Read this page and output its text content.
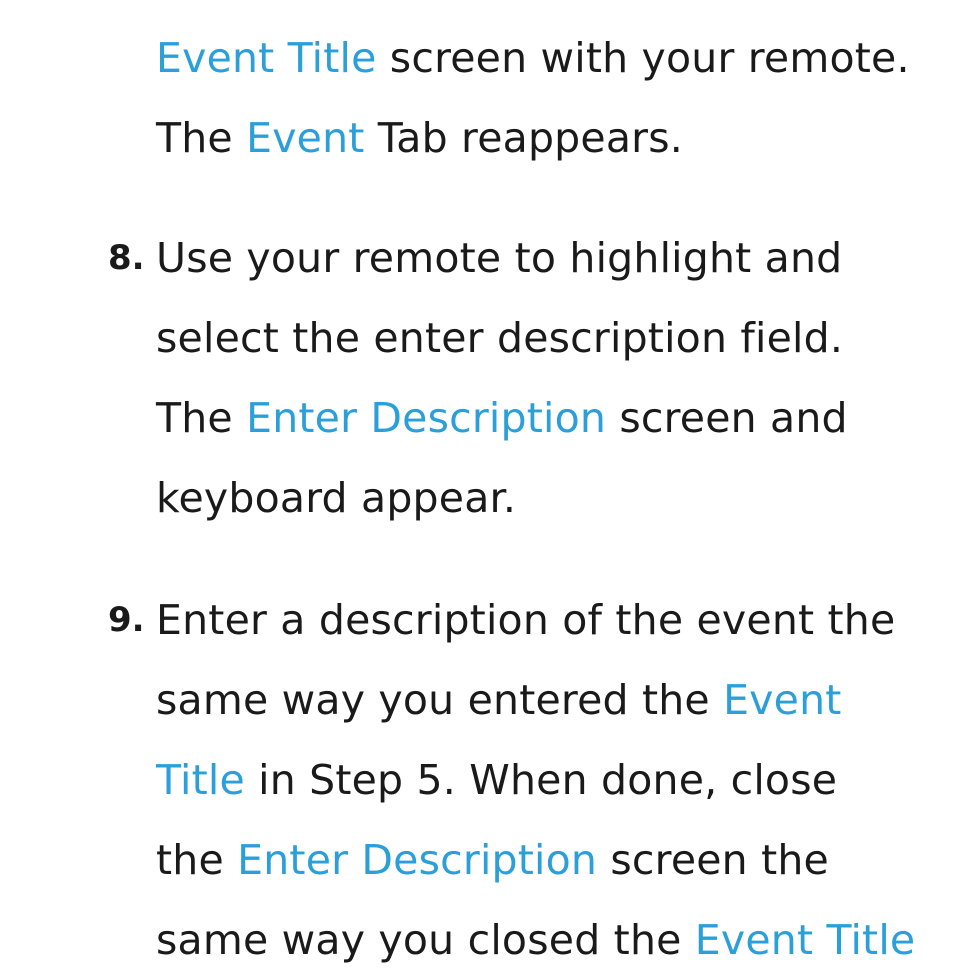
Event Title screen with your remote.
The Event Tab reappears.
8. Use your remote to highlight and
select the enter description field.
The Enter Description screen and
keyboard appear.
9. Enter a description of the event the
same way you entered the Event
Title in Step 5. When done, close
the Enter Description screen the
same way you closed the Event Title
